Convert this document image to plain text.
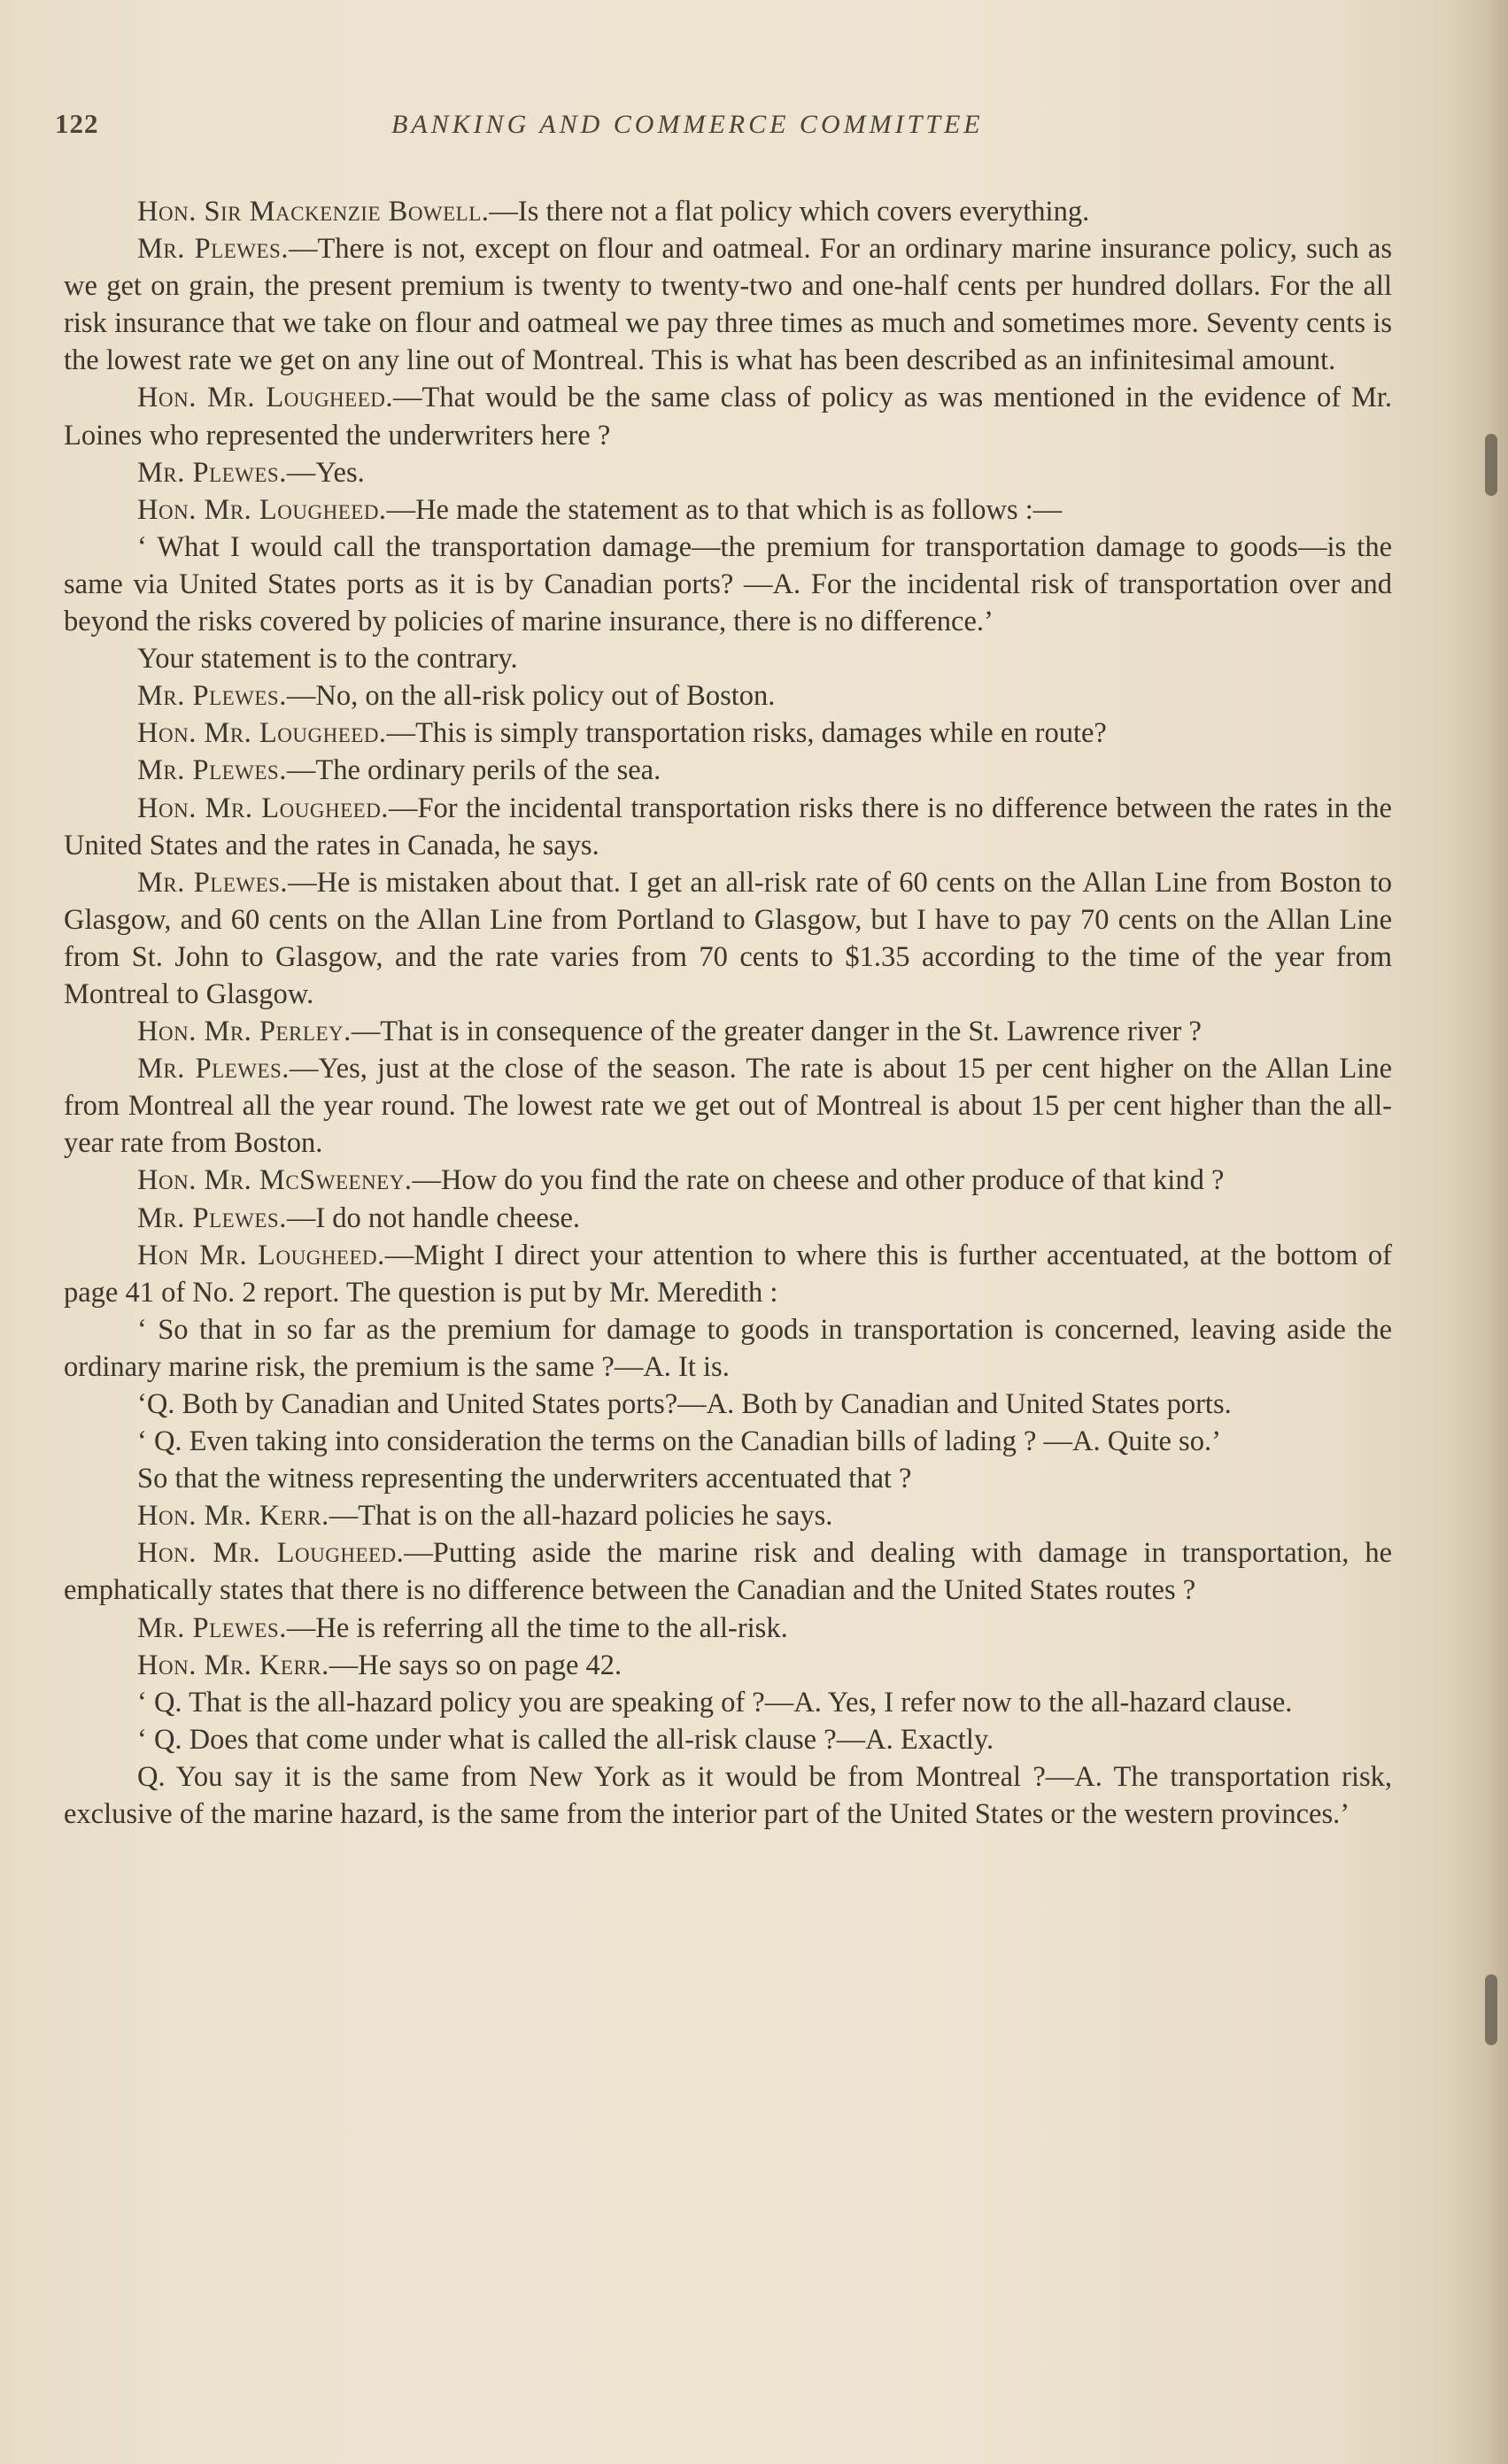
122	BANKING AND COMMERCE COMMITTEE

Hon. Sir Mackenzie Bowell.—Is there not a flat policy which covers everything.

Mr. Plewes.—There is not, except on flour and oatmeal. For an ordinary marine insurance policy, such as we get on grain, the present premium is twenty to twenty-two and one-half cents per hundred dollars. For the all risk insurance that we take on flour and oatmeal we pay three times as much and sometimes more. Seventy cents is the lowest rate we get on any line out of Montreal. This is what has been described as an infinitesimal amount.

Hon. Mr. Lougheed.—That would be the same class of policy as was mentioned in the evidence of Mr. Loines who represented the underwriters here ?

Mr. Plewes.—Yes.

Hon. Mr. Lougheed.—He made the statement as to that which is as follows :—

‘ What I would call the transportation damage—the premium for transportation damage to goods—is the same via United States ports as it is by Canadian ports? —A. For the incidental risk of transportation over and beyond the risks covered by policies of marine insurance, there is no difference.’

Your statement is to the contrary.

Mr. Plewes.—No, on the all-risk policy out of Boston.

Hon. Mr. Lougheed.—This is simply transportation risks, damages while en route?

Mr. Plewes.—The ordinary perils of the sea.

Hon. Mr. Lougheed.—For the incidental transportation risks there is no difference between the rates in the United States and the rates in Canada, he says.

Mr. Plewes.—He is mistaken about that. I get an all-risk rate of 60 cents on the Allan Line from Boston to Glasgow, and 60 cents on the Allan Line from Portland to Glasgow, but I have to pay 70 cents on the Allan Line from St. John to Glasgow, and the rate varies from 70 cents to $1.35 according to the time of the year from Montreal to Glasgow.

Hon. Mr. Perley.—That is in consequence of the greater danger in the St. Lawrence river ?

Mr. Plewes.—Yes, just at the close of the season. The rate is about 15 per cent higher on the Allan Line from Montreal all the year round. The lowest rate we get out of Montreal is about 15 per cent higher than the all-year rate from Boston.

Hon. Mr. McSweeney.—How do you find the rate on cheese and other produce of that kind ?

Mr. Plewes.—I do not handle cheese.

Hon Mr. Lougheed.—Might I direct your attention to where this is further accentuated, at the bottom of page 41 of No. 2 report. The question is put by Mr. Meredith :

‘ So that in so far as the premium for damage to goods in transportation is concerned, leaving aside the ordinary marine risk, the premium is the same ?—A. It is.

‘Q. Both by Canadian and United States ports?—A. Both by Canadian and United States ports.

‘ Q. Even taking into consideration the terms on the Canadian bills of lading ? —A. Quite so.’

So that the witness representing the underwriters accentuated that ?

Hon. Mr. Kerr.—That is on the all-hazard policies he says.

Hon. Mr. Lougheed.—Putting aside the marine risk and dealing with damage in transportation, he emphatically states that there is no difference between the Canadian and the United States routes ?

Mr. Plewes.—He is referring all the time to the all-risk.

Hon. Mr. Kerr.—He says so on page 42.

‘ Q. That is the all-hazard policy you are speaking of ?—A. Yes, I refer now to the all-hazard clause.

‘ Q. Does that come under what is called the all-risk clause ?—A. Exactly.

Q. You say it is the same from New York as it would be from Montreal ?—A. The transportation risk, exclusive of the marine hazard, is the same from the interior part of the United States or the western provinces.’
